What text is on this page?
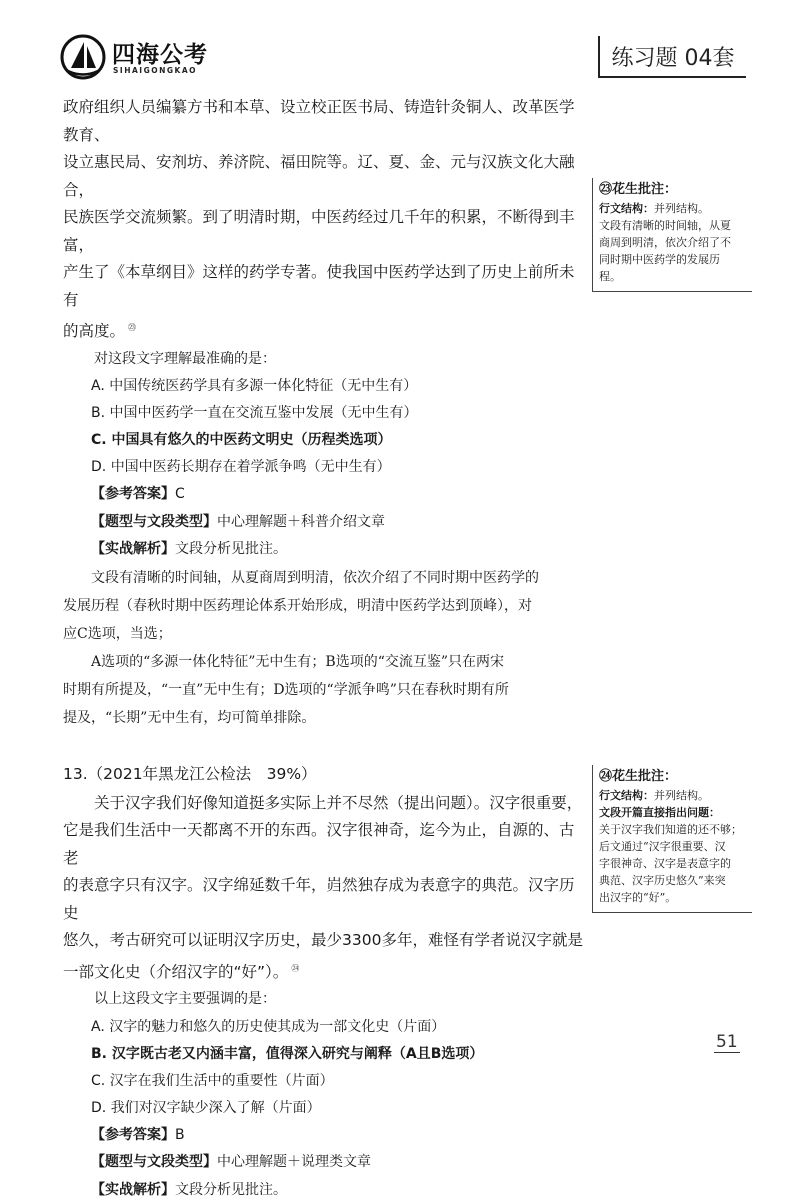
四海公考
SIHAIGONGKAO	练习题 04套

政府组织人员编纂方书和本草、设立校正医书局、铸造针灸铜人、改革医学教育、

设立惠民局、安剂坊、养济院、福田院等。辽、夏、金、元与汉族文化大融合，

民族医学交流频繁。到了明清时期，中医药经过几千年的积累，不断得到丰富，

产生了《本草纲目》这样的药学专著。使我国中医药学达到了历史上前所未有

的高度。 $^㉓$

对这段文字理解最准确的是：

A. 中国传统医药学具有多源一体化特征（无中生有）

B. 中国中医药学一直在交流互鉴中发展（无中生有）

C. 中国具有悠久的中医药文明史（历程类选项）

D. 中国中医药长期存在着学派争鸣（无中生有）

【参考答案】C

【题型与文段类型】中心理解题＋科普介绍文章

【实战解析】文段分析见批注。

文段有清晰的时间轴，从夏商周到明清，依次介绍了不同时期中医药学的

发展历程（春秋时期中医药理论体系开始形成，明清中医药学达到顶峰），对

应C选项，当选；

A选项的“多源一体化特征”无中生有；B选项的“交流互鉴”只在两宋

时期有所提及，“一直”无中生有；D选项的“学派争鸣”只在春秋时期有所

提及，“长期”无中生有，均可简单排除。

13.（2021年黑龙江公检法　39%）

关于汉字我们好像知道挺多实际上并不尽然（提出问题）。汉字很重要，

它是我们生活中一天都离不开的东西。汉字很神奇，迄今为止，自源的、古老

的表意字只有汉字。汉字绵延数千年，岿然独存成为表意字的典范。汉字历史

悠久，考古研究可以证明汉字历史，最少3300多年，难怪有学者说汉字就是

一部文化史（介绍汉字的“好”）。 $^㉔$

以上这段文字主要强调的是：

A. 汉字的魅力和悠久的历史使其成为一部文化史（片面）

B. 汉字既古老又内涵丰富，值得深入研究与阐释（A且B选项）

C. 汉字在我们生活中的重要性（片面）

D. 我们对汉字缺少深入了解（片面）

【参考答案】B

【题型与文段类型】中心理解题＋说理类文章

【实战解析】文段分析见批注。

㉓花生批注：

行文结构：并列结构。

文段有清晰的时间轴，从夏

商周到明清，依次介绍了不

同时期中医药学的发展历

程。

㉔花生批注：

行文结构：并列结构。

文段开篇直接指出问题：

关于汉字我们知道的还不够；

后文通过“汉字很重要、汉

字很神奇、汉字是表意字的

典范、汉字历史悠久”来突

出汉字的“好”。

51
